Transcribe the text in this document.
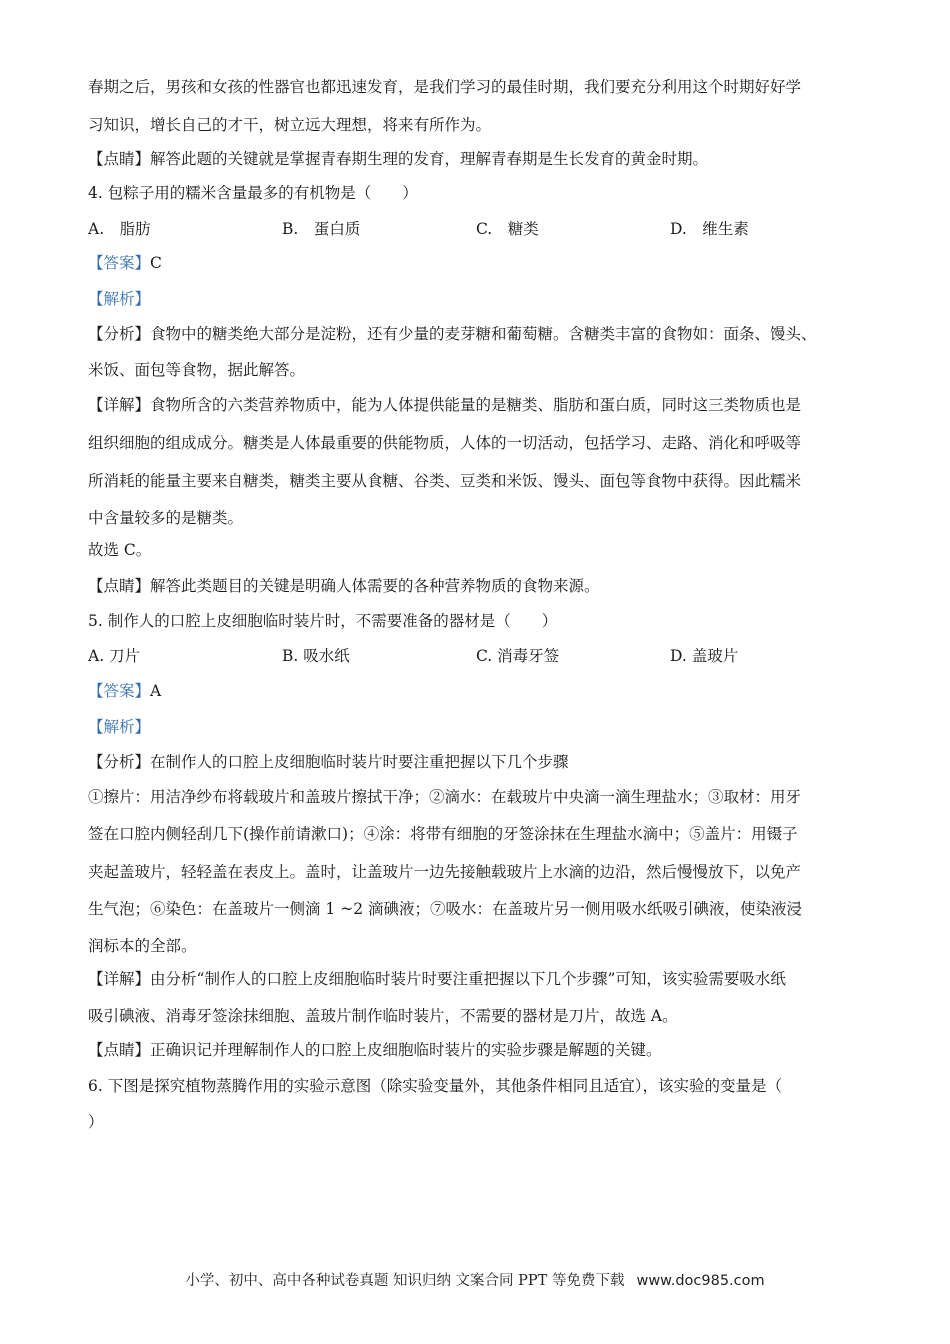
春期之后，男孩和女孩的性器官也都迅速发育，是我们学习的最佳时期，我们要充分利用这个时期好好学
习知识，增长自己的才干，树立远大理想，将来有所作为。
【点睛】解答此题的关键就是掌握青春期生理的发育，理解青春期是生长发育的黄金时期。
4. 包粽子用的糯米含量最多的有机物是（　　）
A.　脂肪	B.　蛋白质	C.　糖类	D.　维生素
【答案】C
【解析】
【分析】食物中的糖类绝大部分是淀粉，还有少量的麦芽糖和葡萄糖。含糖类丰富的食物如：面条、馒头、
米饭、面包等食物，据此解答。
【详解】食物所含的六类营养物质中，能为人体提供能量的是糖类、脂肪和蛋白质，同时这三类物质也是
组织细胞的组成成分。糖类是人体最重要的供能物质，人体的一切活动，包括学习、走路、消化和呼吸等
所消耗的能量主要来自糖类，糖类主要从食糖、谷类、豆类和米饭、馒头、面包等食物中获得。因此糯米
中含量较多的是糖类。
故选 C。
【点睛】解答此类题目的关键是明确人体需要的各种营养物质的食物来源。
5. 制作人的口腔上皮细胞临时装片时，不需要准备的器材是（　　）
A. 刀片	B. 吸水纸	C. 消毒牙签	D. 盖玻片
【答案】A
【解析】
【分析】在制作人的口腔上皮细胞临时装片时要注重把握以下几个步骤
①擦片：用洁净纱布将载玻片和盖玻片擦拭干净；②滴水：在载玻片中央滴一滴生理盐水；③取材：用牙
签在口腔内侧轻刮几下(操作前请漱口)；④涂：将带有细胞的牙签涂抹在生理盐水滴中；⑤盖片：用镊子
夹起盖玻片，轻轻盖在表皮上。盖时，让盖玻片一边先接触载玻片上水滴的边沿，然后慢慢放下，以免产
生气泡；⑥染色：在盖玻片一侧滴 1 ~2 滴碘液；⑦吸水：在盖玻片另一侧用吸水纸吸引碘液，使染液浸
润标本的全部。
【详解】由分析“制作人的口腔上皮细胞临时装片时要注重把握以下几个步骤”可知，该实验需要吸水纸
吸引碘液、消毒牙签涂抹细胞、盖玻片制作临时装片，不需要的器材是刀片，故选 A。
【点睛】正确识记并理解制作人的口腔上皮细胞临时装片的实验步骤是解题的关键。
6. 下图是探究植物蒸腾作用的实验示意图（除实验变量外，其他条件相同且适宜），该实验的变量是（
）
小学、初中、高中各种试卷真题 知识归纳 文案合同 PPT 等免费下载 www.doc985.com
